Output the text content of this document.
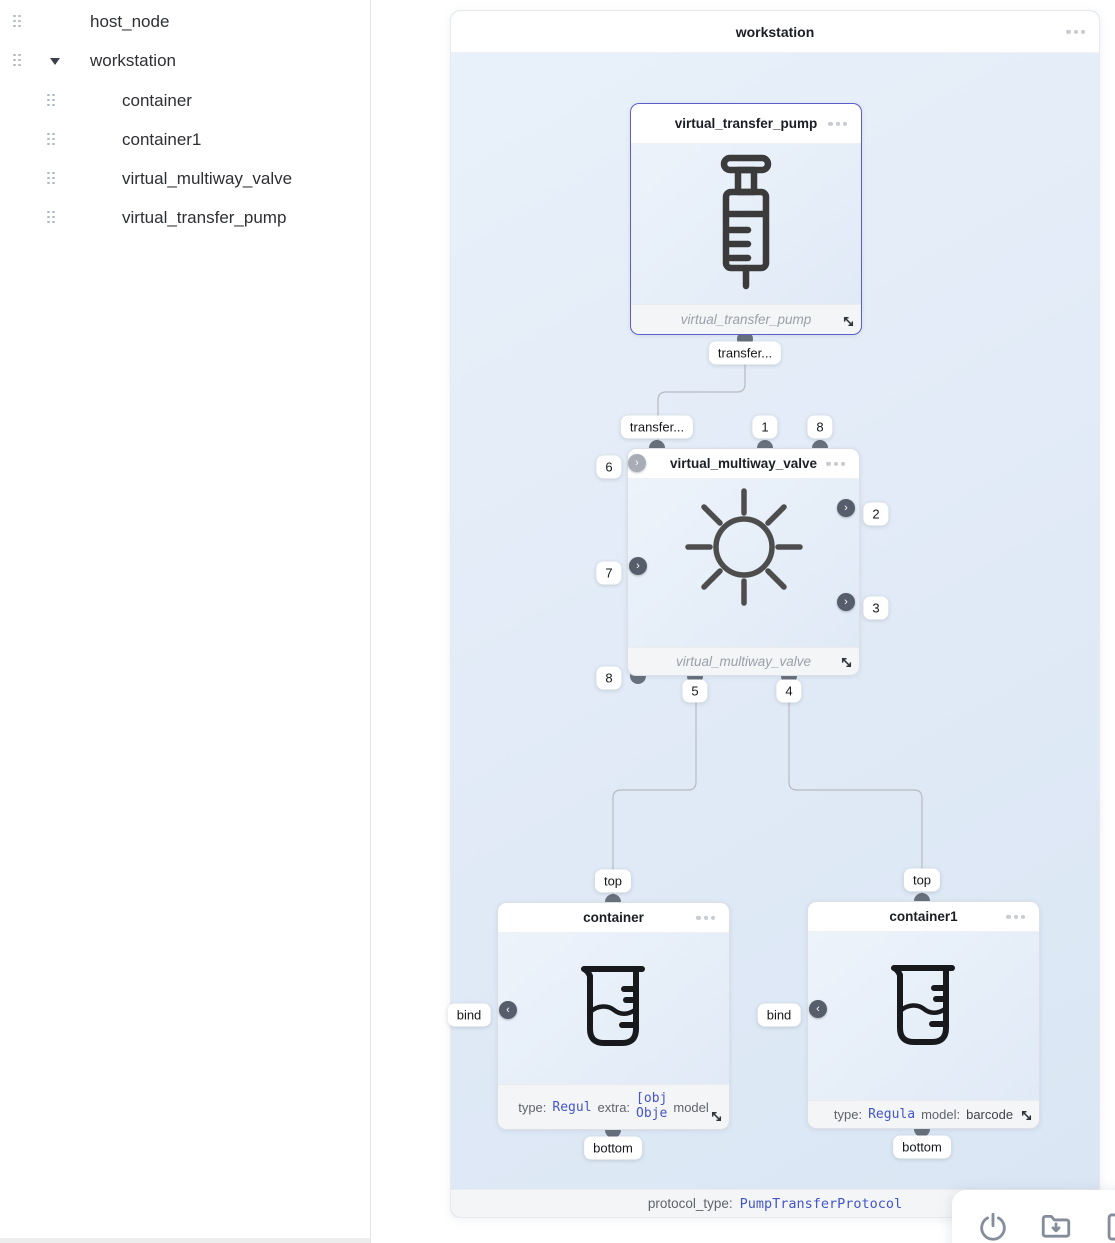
host_node
workstation
container
container1
virtual_multiway_valve
virtual_transfer_pump
workstation
protocol_type: PumpTransferProtocol
virtual_transfer_pump
virtual_transfer_pump
virtual_multiway_valve
virtual_multiway_valve
container
type: Regul extra:
[obj
Obje model
container1
type: Regula model: barcode
›
›
›
›
‹	‹
transfer...
transfer...	1	8
6
7
8
2
3
5	4
top
bind
bottom
top
bind
bottom
